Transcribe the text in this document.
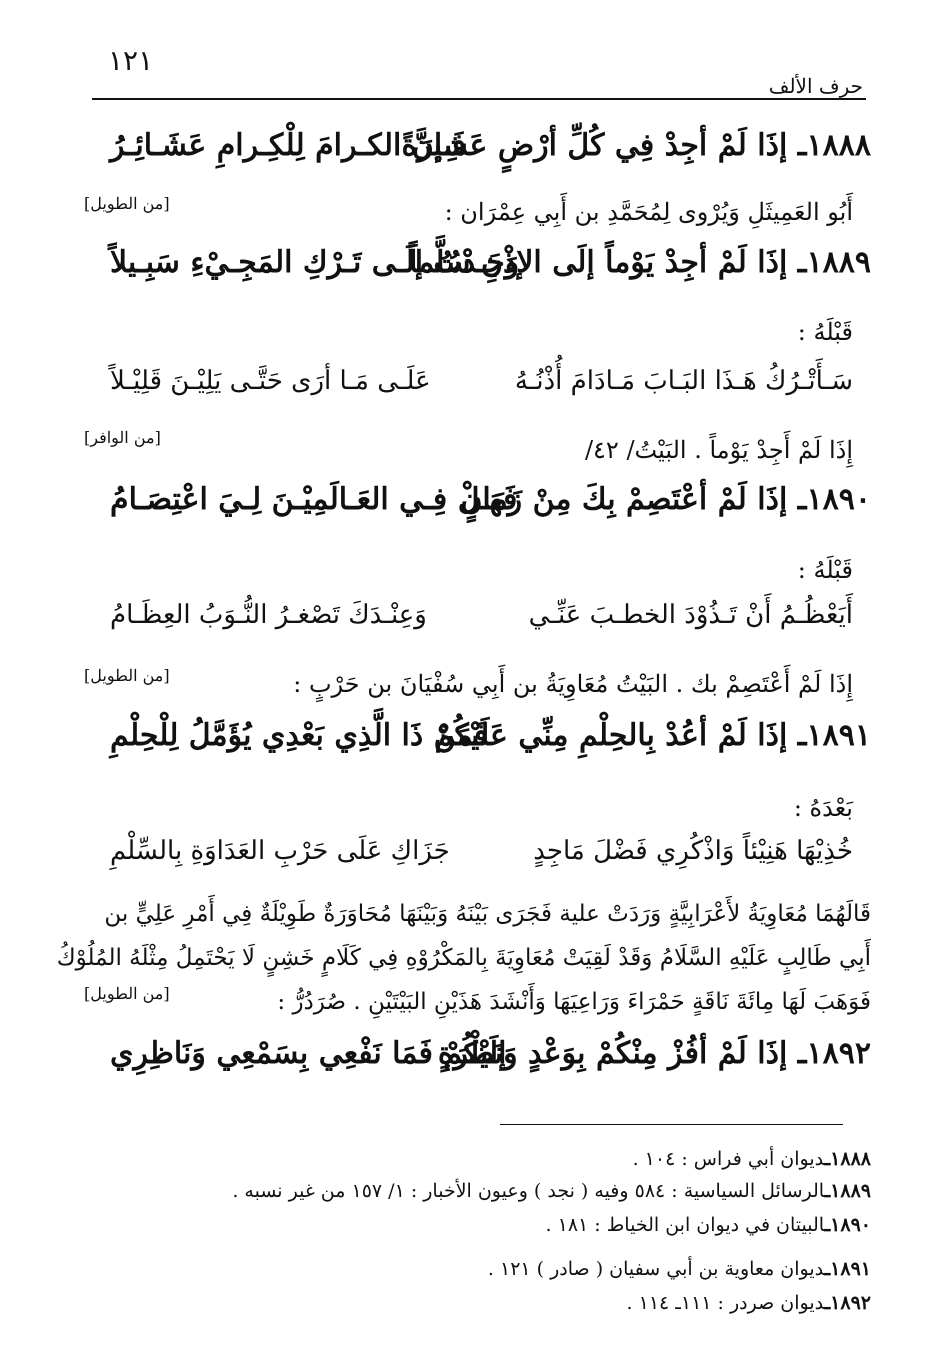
١٢١
حرف الألف
١٨٨٨ـ إذَا لَمْ أجِدْ فِي كُلِّ أرْضٍ عَشِيرَةً
فَـإنَّ الكـرامَ لِلْكِـرامِ عَشَـائِـرُ
أَبُو العَمِيثَلِ وَيُرْوى لِمُحَمَّدِ بن أَبِي عِمْرَان :
[من الطويل]
١٨٨٩ـ إذَا لَمْ أجِدْ يَوْماً إلَى الإذْنِ سُلَّماً
وَجَـدْتُ إلَـى تَـرْكِ المَجِـيْءِ سَبِـيلاً
قَبْلَهُ :
سَـأَتْـرُكُ هَـذَا البَـابَ مَـادَامَ أُذْنُـهُ
عَلَـى مَـا أرَى حَتَّـى يَلِيْـنَ قَلِيْـلاً
إِذَا لَمْ أَجِدْ يَوْماً . البَيْتُ/ ٤٢/
[من الوافر]
١٨٩٠ـ إذَا لَمْ أعْتَصِمْ بِكَ مِنْ زَمَانٍ
فَهَـلْ فِـي العَـالَمِيْـنَ لِـيَ اعْتِصَـامُ
قَبْلَهُ :
أَيَعْظُـمُ أَنْ تَـذُوْدَ الخطـبَ عَنِّـي
وَعِنْـدَكَ تَصْغـرُ النُّـوَبُ العِظَـامُ
إِذَا لَمْ أَعْتَصِمْ بك . البَيْتُ مُعَاوِيَةُ بن أَبِي سُفْيَانَ بن حَرْبٍ :
[من الطويل]
١٨٩١ـ إذَا لَمْ أعُدْ بِالحِلْمِ مِنِّي عَلَيْكُمْ
فَمَنْ ذَا الَّذِي بَعْدِي يُؤَمَّلُ لِلْحِلْمِ
بَعْدَهُ :
خُذِيْهَا هَنِيْئاً وَاذْكُرِي فَضْلَ مَاجِدٍ
جَزَاكِ عَلَى حَرْبِ العَدَاوَةِ بِالسِّلْمِ
قَالَهُمَا مُعَاوِيَةُ لأَعْرَابِيَّةٍ وَرَدَتْ علية فَجَرَى بَيْنَهُ وَبَيْنَهَا مُحَاوَرَةٌ طَوِيْلَةٌ فِي أَمْرِ عَلِيٍّ بن
أَبِي طَالِبٍ عَلَيْهِ السَّلَامُ وَقَدْ لَقِيَتْ مُعَاوِيَةَ بِالمَكْرُوْهِ فِي كَلَامٍ خَشِنٍ لَا يَحْتَمِلُ مِثْلَهُ المُلُوْكُ
فَوَهَبَ لَهَا مِائَةَ نَاقَةٍ حَمْرَاءَ وَرَاعِيَهَا وَأَنْشَدَ هَذَيْنِ البَيْتَيْنِ . صُرَدُرُّ :
[من الطويل]
١٨٩٢ـ إذَا لَمْ أفُزْ مِنْكُمْ بِوَعْدٍ وَنَظْرَةٍ
إلَيْكُمْ فَمَا نَفْعِي بِسَمْعِي وَنَاظِرِي
١٨٨٨ـديوان أبي فراس : ١٠٤ .
١٨٨٩ـالرسائل السياسية : ٥٨٤ وفيه ( نجد ) وعيون الأخبار : ١/ ١٥٧ من غير نسبه .
١٨٩٠ـالبيتان في ديوان ابن الخياط : ١٨١ .
١٨٩١ـديوان معاوية بن أبي سفيان ( صادر ) ١٢١ .
١٨٩٢ـديوان صردر : ١١١ـ ١١٤ .
